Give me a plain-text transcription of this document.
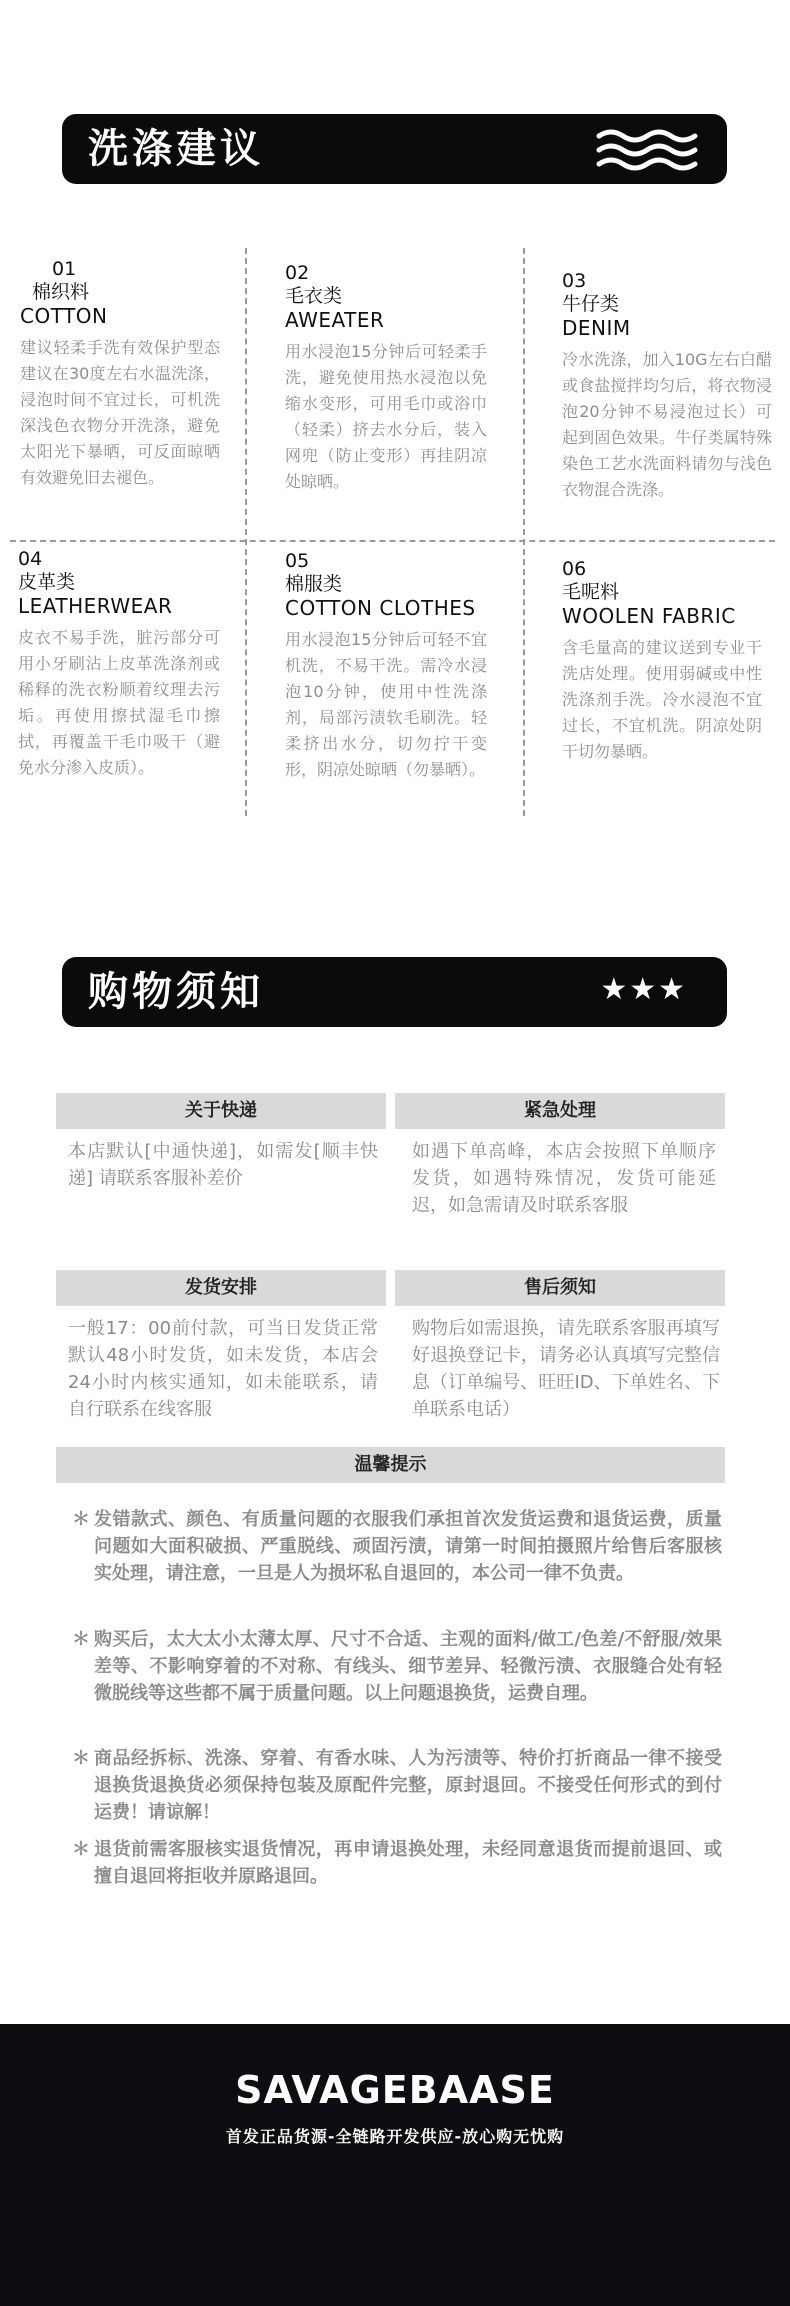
洗涤建议
01
棉织料
COTTON
建议轻柔手洗有效保护型态建议在30度左右水温洗涤，浸泡时间不宜过长，可机洗深浅色衣物分开洗涤，避免太阳光下暴晒，可反面晾晒有效避免旧去褪色。
02
毛衣类
AWEATER
用水浸泡15分钟后可轻柔手洗，避免使用热水浸泡以免缩水变形，可用毛巾或浴巾（轻柔）挤去水分后，装入网兜（防止变形）再挂阴凉处晾晒。
03
牛仔类
DENIM
冷水洗涤，加入10G左右白醋或食盐搅拌均匀后，将衣物浸泡20分钟不易浸泡过长）可起到固色效果。牛仔类属特殊染色工艺水洗面料请勿与浅色衣物混合洗涤。
04
皮革类
LEATHERWEAR
皮衣不易手洗，脏污部分可用小牙刷沾上皮革洗涤剂或稀释的洗衣粉顺着纹理去污垢。再使用擦拭湿毛巾擦拭，再覆盖干毛巾吸干（避免水分渗入皮质）。
05
棉服类
COTTON CLOTHES
用水浸泡15分钟后可轻不宜机洗，不易干洗。需冷水浸泡10分钟，使用中性洗涤剂，局部污渍软毛刷洗。轻柔挤出水分，切勿拧干变形，阴凉处晾晒（勿暴晒）。
06
毛呢料
WOOLEN FABRIC
含毛量高的建议送到专业干洗店处理。使用弱碱或中性洗涤剂手洗。冷水浸泡不宜过长，不宜机洗。阴凉处阴干切勿暴晒。
购物须知	★★★
关于快递	紧急处理
本店默认[中通快递]，如需发[顺丰快递] 请联系客服补差价
如遇下单高峰，本店会按照下单顺序发货，如遇特殊情况，发货可能延迟，如急需请及时联系客服
发货安排	售后须知
一般17：00前付款，可当日发货正常默认48小时发货，如未发货，本店会24小时内核实通知，如未能联系，请自行联系在线客服
购物后如需退换，请先联系客服再填写好退换登记卡，请务必认真填写完整信息（订单编号、旺旺ID、下单姓名、下单联系电话）
温馨提示
＊ 发错款式、颜色、有质量问题的衣服我们承担首次发货运费和退货运费，质量问题如大面积破损、严重脱线、顽固污渍，请第一时间拍摄照片给售后客服核实处理，请注意，一旦是人为损坏私自退回的，本公司一律不负责。
＊ 购买后，太大太小太薄太厚、尺寸不合适、主观的面料/做工/色差/不舒服/效果差等、不影响穿着的不对称、有线头、细节差异、轻微污渍、衣服缝合处有轻微脱线等这些都不属于质量问题。以上问题退换货，运费自理。
＊ 商品经拆标、洗涤、穿着、有香水味、人为污渍等、特价打折商品一律不接受退换货退换货必须保持包装及原配件完整，原封退回。不接受任何形式的到付运费！请谅解！
＊ 退货前需客服核实退货情况，再申请退换处理，未经同意退货而提前退回、或擅自退回将拒收并原路退回。
SAVAGEBAASE
首发正品货源-全链路开发供应-放心购无忧购
